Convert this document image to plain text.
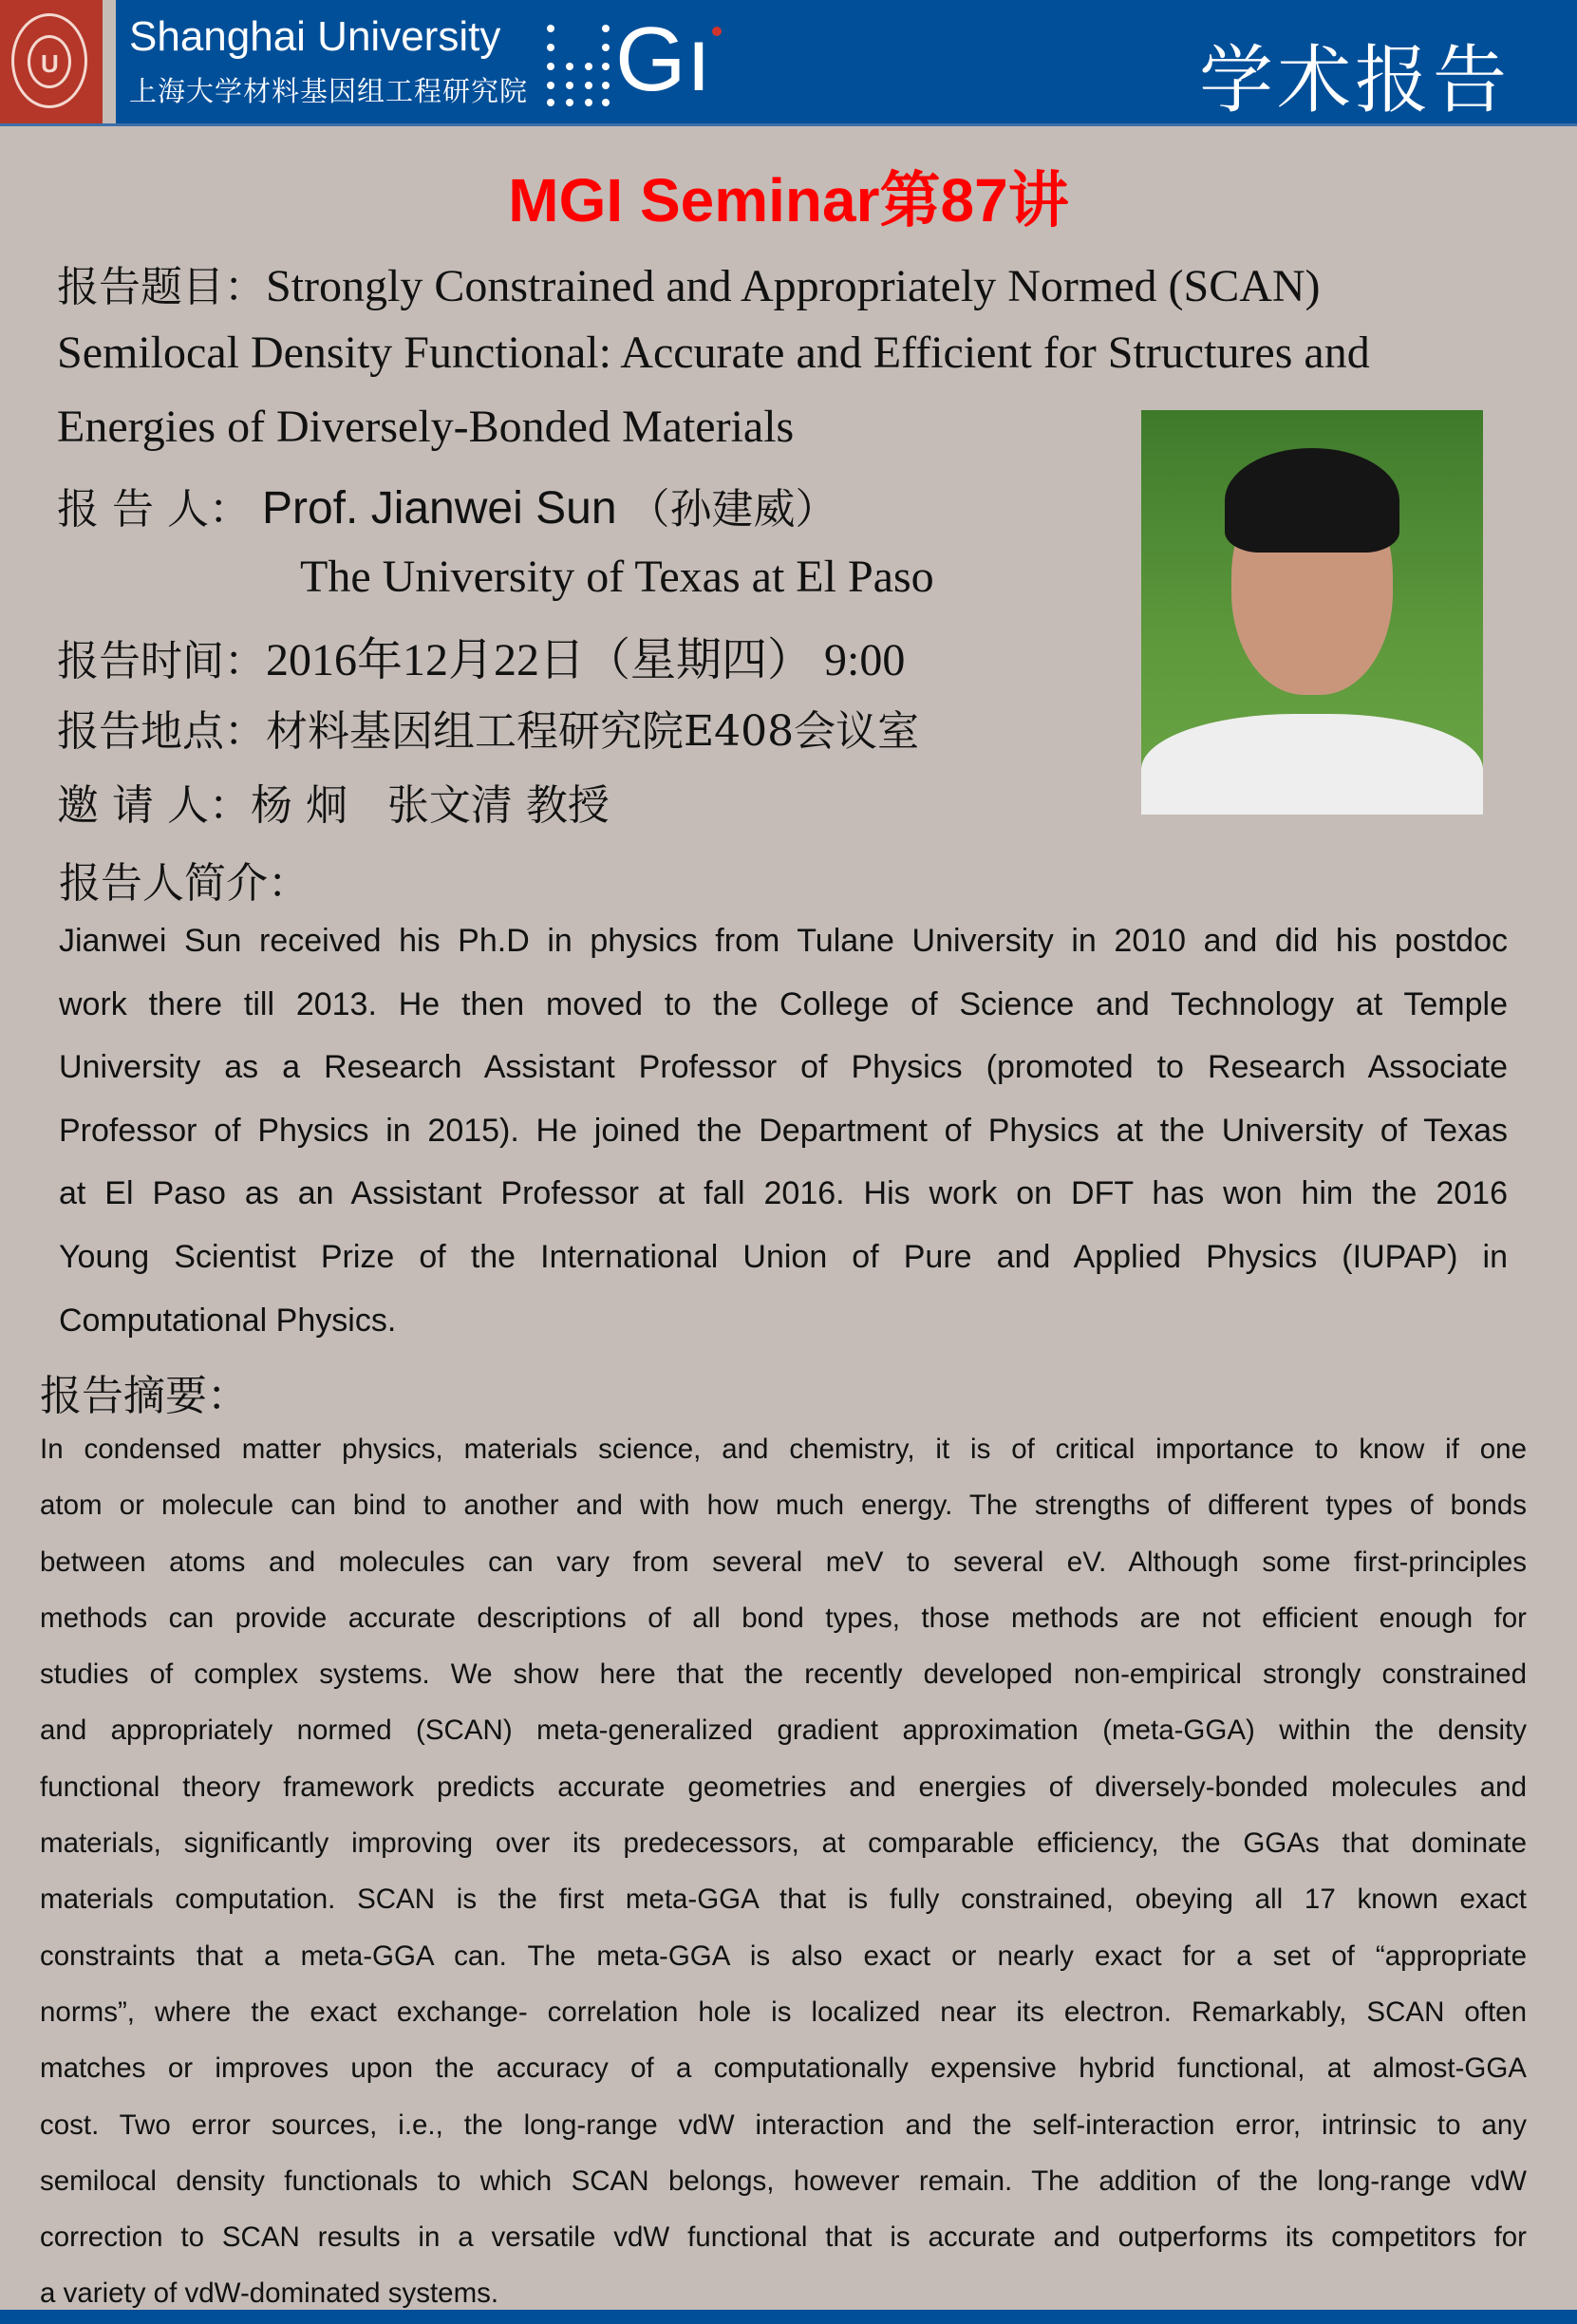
U
Shanghai University
上海大学材料基因组工程研究院 Gı	学术报告
MGI Seminar第87讲
报告题目：Strongly Constrained and Appropriately Normed (SCAN)
Semilocal Density Functional: Accurate and Efficient for Structures and
Energies of Diversely-Bonded Materials
报 告 人： Prof. Jianwei Sun （孙建威）
The University of Texas at El Paso
报告时间：2016年12月22日（星期四） 9:00
报告地点：材料基因组工程研究院E408会议室
邀 请 人：杨 炯   张文清 教授
报告人简介：
Jianwei Sun received his Ph.D in physics from Tulane University in 2010 and did his postdoc
work there till 2013. He then moved to the College of Science and Technology at Temple
University as a Research Assistant Professor of Physics (promoted to Research Associate
Professor of Physics in 2015). He joined the Department of Physics at the University of Texas
at El Paso as an Assistant Professor at fall 2016. His work on DFT has won him the 2016
Young Scientist Prize of the International Union of Pure and Applied Physics (IUPAP) in
Computational Physics.
报告摘要：
In condensed matter physics, materials science, and chemistry, it is of critical importance to know if one
atom or molecule can bind to another and with how much energy. The strengths of different types of bonds
between atoms and molecules can vary from several meV to several eV. Although some first-principles
methods can provide accurate descriptions of all bond types, those methods are not efficient enough for
studies of complex systems. We show here that the recently developed non-empirical strongly constrained
and appropriately normed (SCAN) meta-generalized gradient approximation (meta-GGA) within the density
functional theory framework predicts accurate geometries and energies of diversely-bonded molecules and
materials, significantly improving over its predecessors, at comparable efficiency, the GGAs that dominate
materials computation. SCAN is the first meta-GGA that is fully constrained, obeying all 17 known exact
constraints that a meta-GGA can. The meta-GGA is also exact or nearly exact for a set of “appropriate
norms”, where the exact exchange- correlation hole is localized near its electron. Remarkably, SCAN often
matches or improves upon the accuracy of a computationally expensive hybrid functional, at almost-GGA
cost. Two error sources, i.e., the long-range vdW interaction and the self-interaction error, intrinsic to any
semilocal density functionals to which SCAN belongs, however remain. The addition of the long-range vdW
correction to SCAN results in a versatile vdW functional that is accurate and outperforms its competitors for
a variety of vdW-dominated systems.
